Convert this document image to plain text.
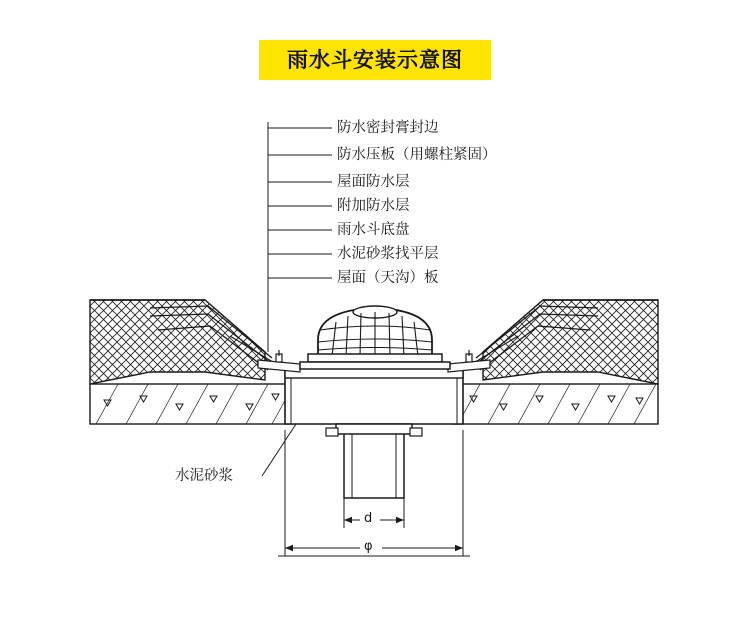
雨水斗安装示意图
防水密封膏封边
防水压板（用螺柱紧固）
屋面防水层
附加防水层
雨水斗底盘
水泥砂浆找平层
屋面（天沟）板
水泥砂浆
d
φ
